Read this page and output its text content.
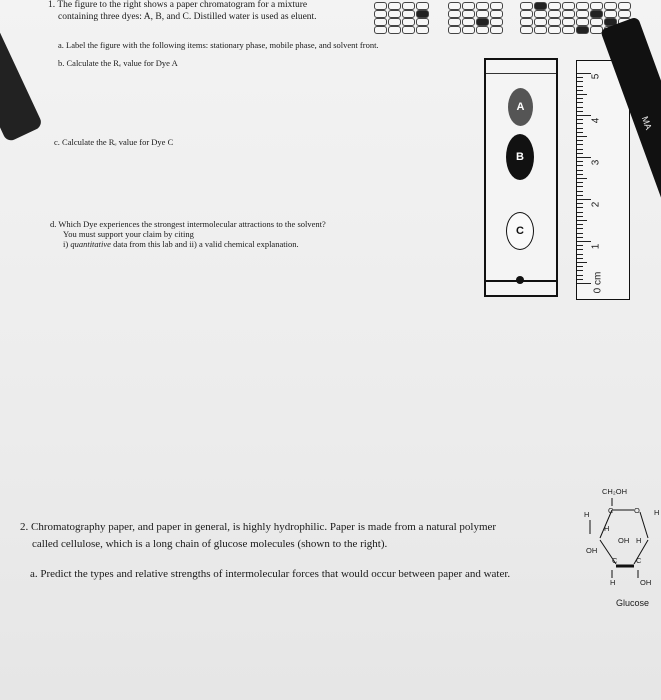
1. The figure to the right shows a paper chromatogram for a mixture
containing three dyes: A, B, and C. Distilled water is used as eluent.
a. Label the figure with the following items: stationary phase, mobile phase, and solvent front.
b. Calculate the Rₑ value for Dye A
c. Calculate the Rₑ value for Dye C
d. Which Dye experiences the strongest intermolecular attractions to the solvent?
You must support your claim by citing
i) quantitative data from this lab and ii) a valid chemical explanation.
A
B
C
5
4
3
2
1
0 cm
MA
2. Chromatography paper, and paper in general, is highly hydrophilic. Paper is made from a natural polymer
called cellulose, which is a long chain of glucose molecules (shown to the right).
a. Predict the types and relative strengths of intermolecular forces that would occur between paper and water.
CH₂OH
C	O
H	H
H
OH H
OH
C C
H	OH
Glucose
